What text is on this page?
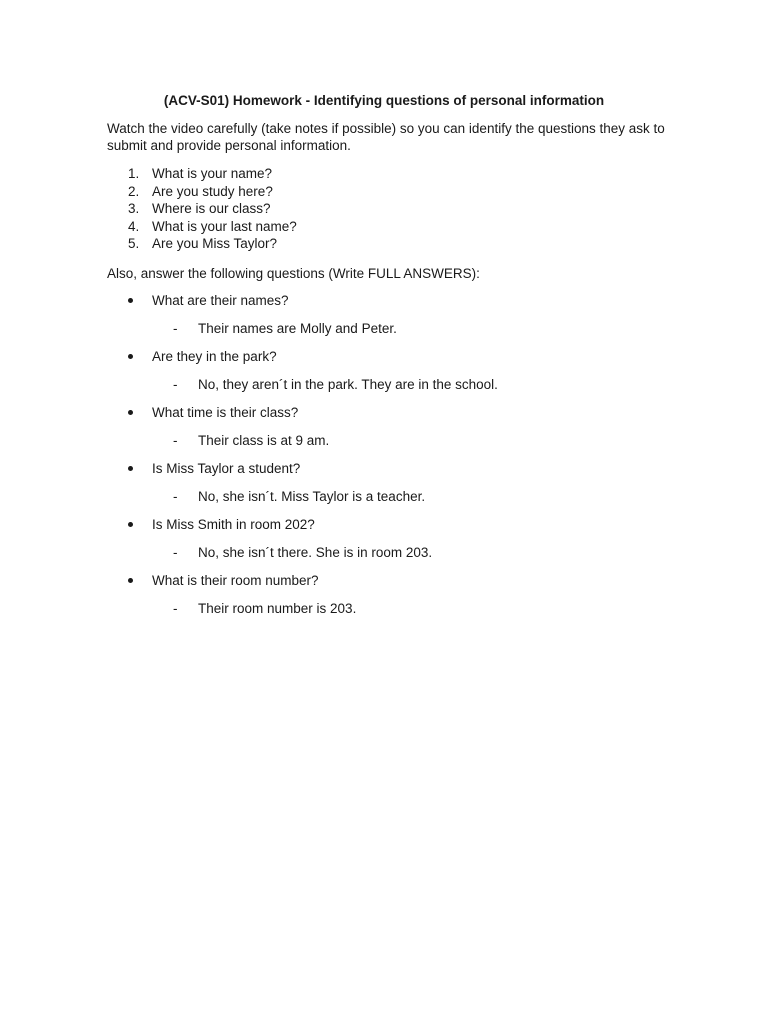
(ACV-S01) Homework - Identifying questions of personal information

Watch the video carefully (take notes if possible) so you can identify the questions they ask to submit and provide personal information.

1. What is your name?
2. Are you study here?
3. Where is our class?
4. What is your last name?
5. Are you Miss Taylor?

Also, answer the following questions (Write FULL ANSWERS):

What are their names?
- Their names are Molly and Peter.
Are they in the park?
- No, they aren´t in the park. They are in the school.
What time is their class?
- Their class is at 9 am.
Is Miss Taylor a student?
- No, she isn´t. Miss Taylor is a teacher.
Is Miss Smith in room 202?
- No, she isn´t there. She is in room 203.
What is their room number?
- Their room number is 203.
